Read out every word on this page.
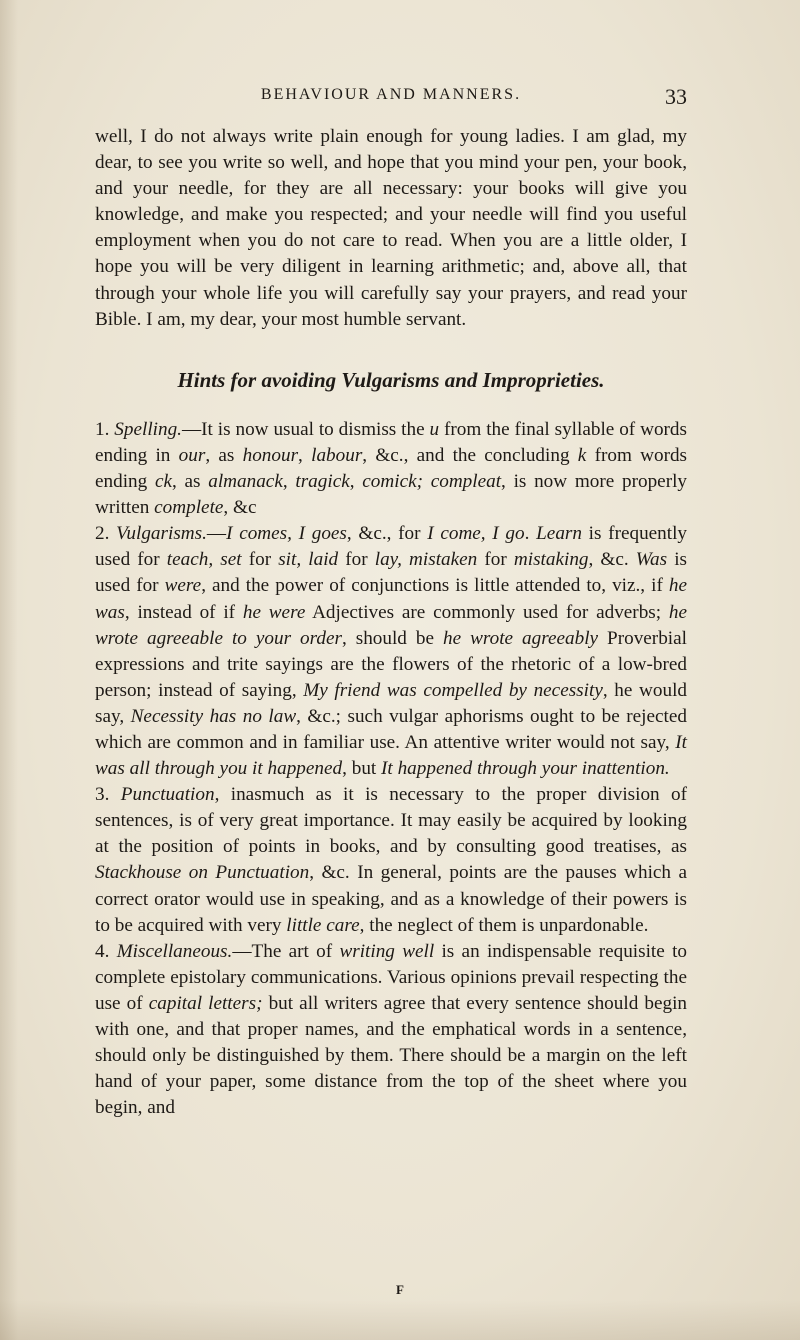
BEHAVIOUR AND MANNERS.	33

well, I do not always write plain enough for young ladies. I am glad, my dear, to see you write so well, and hope that you mind your pen, your book, and your needle, for they are all necessary: your books will give you knowledge, and make you respected; and your needle will find you useful employment when you do not care to read. When you are a little older, I hope you will be very diligent in learning arithmetic; and, above all, that through your whole life you will carefully say your prayers, and read your Bible. I am, my dear, your most humble servant.

Hints for avoiding Vulgarisms and Improprieties.

1. Spelling.—It is now usual to dismiss the u from the final syllable of words ending in our, as honour, labour, &c., and the concluding k from words ending ck, as almanack, tragick, comick; compleat, is now more properly written complete, &c

2. Vulgarisms.—I comes, I goes, &c., for I come, I go. Learn is frequently used for teach, set for sit, laid for lay, mistaken for mistaking, &c. Was is used for were, and the power of conjunctions is little attended to, viz., if he was, instead of if he were Adjectives are commonly used for adverbs; he wrote agreeable to your order, should be he wrote agreeably Proverbial expressions and trite sayings are the flowers of the rhetoric of a low-bred person; instead of saying, My friend was compelled by necessity, he would say, Necessity has no law, &c.; such vulgar aphorisms ought to be rejected which are common and in familiar use. An attentive writer would not say, It was all through you it happened, but It happened through your inattention.

3. Punctuation, inasmuch as it is necessary to the proper division of sentences, is of very great importance. It may easily be acquired by looking at the position of points in books, and by consulting good treatises, as Stackhouse on Punctuation, &c. In general, points are the pauses which a correct orator would use in speaking, and as a knowledge of their powers is to be acquired with very little care, the neglect of them is unpardonable.

4. Miscellaneous.—The art of writing well is an indispensable requisite to complete epistolary communications. Various opinions prevail respecting the use of capital letters; but all writers agree that every sentence should begin with one, and that proper names, and the emphatical words in a sentence, should only be distinguished by them. There should be a margin on the left hand of your paper, some distance from the top of the sheet where you begin, and

F
